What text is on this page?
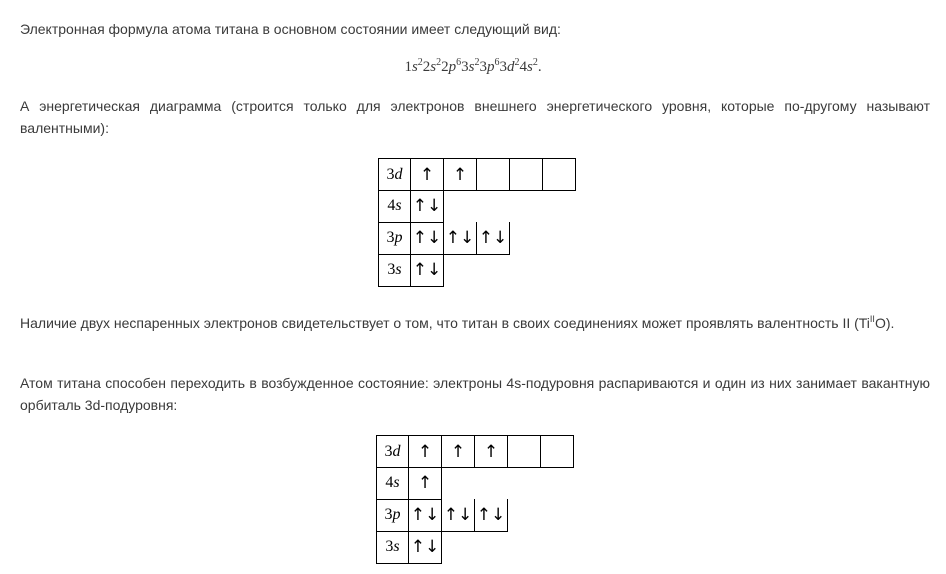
Электронная формула атома титана в основном состоянии имеет следующий вид:

$1s^22s^22p^63s^23p^63d^24s^2$.

А энергетическая диаграмма (строится только для электронов внешнего энергетического уровня, которые по-другому называют валентными):

3 d	↑	↑
4 s ↑↓
3 p ↑↓ ↑↓ ↑↓
3 s ↑↓

Наличие двух неспаренных электронов свидетельствует о том, что титан в своих соединениях может проявлять валентность II $(Ti^{II}O)$.

Атом титана способен переходить в возбужденное состояние: электроны 4s-подуровня распариваются и один из них занимает вакантную орбиталь 3d-подуровня:

3 d	↑	↑	↑
4 s	↑
3 p ↑↓ ↑↓ ↑↓
3 s ↑↓
